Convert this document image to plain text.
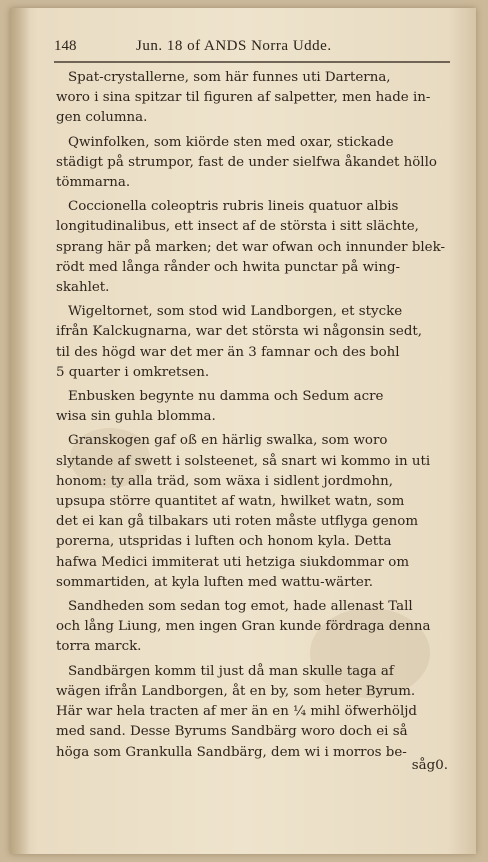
148	Jun. 18 of ANDS Norra Udde.
Spat-crystallerne, som här funnes uti Darterna,
woro i sina spitzar til figuren af salpetter, men hade in-
gen columna.
Qwinfolken, som kiörde sten med oxar, stickade
städigt på strumpor, fast de under sielfwa åkandet höllo
tömmarna.
Coccionella coleoptris rubris lineis quatuor albis
longitudinalibus, ett insect af de största i sitt slächte,
sprang här på marken; det war ofwan och innunder blek-
rödt med långa rånder och hwita punctar på wing-
skahlet.
Wigeltornet, som stod wid Landborgen, et stycke
ifrån Kalckugnarna, war det största wi någonsin sedt,
til des högd war det mer än 3 famnar och des bohl
5 quarter i omkretsen.
Enbusken begynte nu damma och Sedum acre
wisa sin guhla blomma.
Granskogen gaf oß en härlig swalka, som woro
slytande af swett i solsteenet, så snart wi kommo in uti
honom: ty alla träd, som wäxa i sidlent jordmohn,
upsupa större quantitet af watn, hwilket watn, som
det ei kan gå tilbakars uti roten måste utflyga genom
porerna, utspridas i luften och honom kyla. Detta
hafwa Medici immiterat uti hetziga siukdommar om
sommartiden, at kyla luften med wattu-wärter.
Sandheden som sedan tog emot, hade allenast Tall
och lång Liung, men ingen Gran kunde fördraga denna
torra marck.
Sandbärgen komm til just då man skulle taga af
wägen ifrån Landborgen, åt en by, som heter Byrum.
Här war hela tracten af mer än en ¼ mihl öfwerhöljd
med sand. Desse Byrums Sandbärg woro doch ei så
höga som Grankulla Sandbärg, dem wi i morros be-
såg0.
